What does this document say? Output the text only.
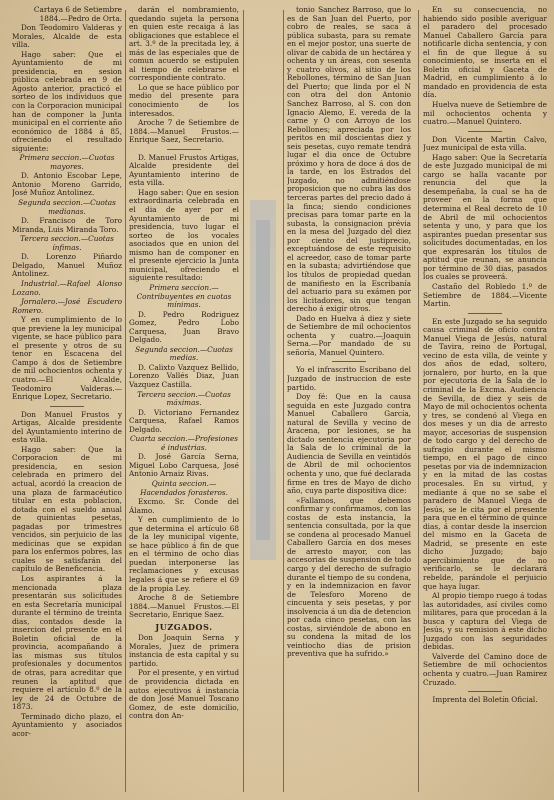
Cartaya 6 de Setiembre 1884.—Pedro de Orta.

Don Teodomiro Valderas y Morales, Alcalde de esta villa.

Hago saber: Que el Ayuntamiento de mi presidencia, en sesion pública celebrada en 9 de Agosto anterior, practicó el sorteo de los individuos que con la Corporacion municipal han de componer la Junta municipal en el corriente año económico de 1884 á 85, ofreciendo el resultado siguiente:

Primera seccion.—Cuotas mayores.

D. Antonio Escobar Lepe, Antonio Moreno Garrido, José Muñoz Antolinez.

Segunda seccion.—Cuotas medianas.

D. Francisco de Toro Miranda, Luis Miranda Toro.

Tercera seccion.—Cuotas ínfimas.

D. Lorenzo Piñardo Delgado, Manuel Muñoz Antolinez.

Industrial.—Rafael Alonso Lozano.

Jornalero.—José Escudero Romero.

Y en cumplimiento de lo que previene la ley municipal vigente, se hace público para el presente y otros de su tenor en Escacena del Campo á dos de Setiembre de mil ochocientos ochenta y cuatro.—El Alcalde, Teodomiro Valderas.—Enrique Lopez, Secretario.

Don Manuel Frustos y Artigas, Alcalde presidente del Ayuntamiento interino de esta villa.

Hago saber: Que la Corporacion de mi presidencia, en sesion celebrada en primero del actual, acordó la creacion de una plaza de farmacéutico titular en esta poblacion, dotada con el sueldo anual de quinientas pesetas, pagadas por trimestres vencidos, sin perjuicio de las medicinas que se expidan para los enfermos pobres, las cuales se satisfarán del capítulo de Beneficencia.

Los aspirantes á la mencionada plaza presentarán sus solicitudes en esta Secretaría municipal durante el término de treinta dias, contados desde la insercion del presente en el Boletin oficial de la provincia, acompañando á las mismas sus títulos profesionales y documentos de otras, para acreditar que reunen la aptitud que requiere el artículo 8.º de la ley de 24 de Octubre de 1873.

Terminado dicho plazo, el Ayuntamiento y asociados acor-

darán el nombramiento, quedando sujeta la persona en quien este recaiga á las obligaciones que establece el art. 3.º de la precitada ley, á más de las especiales que de comun acuerdo se estipulen al tiempo de celebrarse el correspondiente contrato.

Lo que se hace público por medio del presente para conocimiento de los interesados.

Aroche 7 de Setiembre de 1884.—Manuel Frustos.—Enrique Saez, Secretario.

D. Manuel Frustos Artigas, Alcalde presidente del Ayuntamiento interino de esta villa.

Hago saber: Que en sesion extraordinaria celebrada en el dia de ayer por el Ayuntamiento de mi presidencia, tuvo lugar el sorteo de los vocales asociados que en union del mismo han de componer en el presente ejercicio la Junta municipal, ofreciendo el siguiente resultado:

Primera seccion.—Contribuyentes en cuotas mínimas.

D. Pedro Rodriguez Gomez, Pedro Lobo Carquesa, Juan Bravo Delgado.

Segunda seccion.—Cuotas medias.

D. Calixto Vazquez Bellido, Lorenzo Vallés Diaz, Juan Vazquez Castilla.

Tercera seccion.—Cuotas máximas.

D. Victoriano Fernandez Carquesa, Rafael Ramos Delgado.

Cuarta seccion.—Profesiones é industrias.

D. José García Serna, Miguel Lobo Carquesa, José Antonio Arnaiz Rivas.

Quinta seccion.—Hacendados forasteros.

Excmo. Sr. Conde del Álamo.

Y en cumplimiento de lo que determina el artículo 68 de la ley municipal vigente, se hace público á fin de que en el término de ocho dias puedan interponerse las reclamaciones y excusas legales á que se refiere el 69 de la propia Ley.

Aroche 8 de Setiembre 1884.—Manuel Frustos.—El Secretario, Enrique Saez.

JUZGADOS.

Don Joaquin Serna y Morales, Juez de primera instancia de esta capital y su partido.

Por el presente, y en virtud de providencia dictada en autos ejecutivos á instancia de don José Manuel Toscano Gomez, de este domicilio, contra don An-

tonio Sanchez Barroso, que lo es de San Juan del Puerto, por cobro de reales, se saca á pública subasta, para su remate en el mejor postor, una suerte de olivar de cabida de un hectárea y ochenta y un áreas, con sesenta y cuatro olivos, al sitio de los Rebollones, término de San Juan del Puerto; que linda por el N con otra del don Antonio Sanchez Barroso, al S. con don Ignacio Alemo, E. vereda de la carne y O con Arroyo de los Rebollones; apreciada por los peritos en mil doscientas diez y seis pesetas, cuyo remate tendrá lugar el dia once de Octubre próximo y hora de doce á dos de la tarde, en los Estrados del Juzgado, no admitiéndose proposicion que no cubra las dos terceras partes del precio dado á la finca; siendo condiciones precisas para tomar parte en la subasta, la consignacion prévia en la mesa del Juzgado del diez por ciento del justiprecio, exceptuándose de este requisito el acreedor, caso de tomar parte en la subasta; advirtiéndose que los títulos de propiedad quedan de manifiesto en la Escribanía del actuario para su exámen por los licitadores, sin que tengan derecho á exigir otros.

Dado en Huelva á diez y siete de Setiembre de mil ochocientos ochenta y cuatro.—Joaquin Serna.—Por mandado de su señoría, Manuel Quintero.

Yo el infrascrito Escribano del Juzgado de instruccion de este partido.

Doy fé: Que en la causa seguida en este Juzgado contra Manuel Caballero García, natural de Sevilla y vecino de Aracena, por lesiones, se ha dictado sentencia ejecutoria por la Sala de lo criminal de la Audiencia de Sevilla en veintidós de Abril de mil ochocientos ochenta y uno, que fué declarada firme en tres de Mayo de dicho año, cuya parte dispositiva dice:

«Fallamos, que debemos confirmar y confirmamos, con las costas de esta instancia, la sentencia consultada, por la que se condena al procesado Manuel Caballero García en dos meses de arresto mayor, con las accesorias de suspension de todo cargo y del derecho de sufragio durante el tiempo de su condena, y en la indemnizacion en favor de Telesforo Moreno de cincuenta y seis pesetas, y por insolvencia á un dia de detencion por cada cinco pesetas, con las costas, sirviéndole de abono en su condena la mitad de los veintiocho dias de prision preventiva que ha sufrido.»

En su consecuencia, no habiendo sido posible averiguar el paradero del procesado Manuel Caballero García para notificarle dicha sentencia, y con el fin de que llegue á su conocimiento, se inserta en el Boletin oficial y Gaceta de Madrid, en cumplimiento á lo mandado en providencia de esta día.

Huelva nueve de Setiembre de mil ochocientos ochenta y cuatro.—Manuel Quintero.

Don Vicente Martin Calvo, Juez municipal de esta villa.

Hago saber: Que la Secretaría de este Juzgado municipal de mi cargo se halla vacante por renuncia del que la desempeñaba, la cual se ha de proveer en la forma que determina el Real decreto de 10 de Abril de mil ochocientos setenta y uno, y para que los aspirantes puedan presentar sus solicitudes documentadas, en los que expresarán los títulos de aptitud que reunan, se anuncia por término de 30 dias, pasados los cuales se proveerá.

Castaño del Robledo 1.º de Setiembre de 1884.—Vicente Martin.

En este Juzgado se ha seguido causa criminal de oficio contra Manuel Viega de Jesús, natural de Tavira, reino de Portugal, vecino de esta villa, de veinte y dos años de edad, soltero, jornalero, por hurto, en la que por ejecutoria de la Sala de lo criminal de la Excma. Audiencia de Sevilla, de diez y seis de Mayo de mil ochocientos ochenta y tres, se condenó al Viega en dos meses y un dia de arresto mayor, accesorias de suspension de todo cargo y del derecho de sufragio durante el mismo tiempo, en el pago de cinco pesetas por via de indemnizacion y en la mitad de las costas procesales. En su virtud, y mediante á que no se sabe el paradero de Manuel Viega de Jesús, se le cita por el presente para que en el término de quince dias, á contar desde la insercion del mismo en la Gaceta de Madrid, se presente en este dicho Juzgado; bajo apercibimiento que de no verificarlo, se le declarará rebelde, parándole el perjuicio que haya lugar.

Al propio tiempo ruego á todas las autoridades, así civiles como militares, para que procedan á la busca y captura del Viega de Jesús, y su remision á este dicho Juzgado con las seguridades debidas.

Valverde del Camino doce de Setiembre de mil ochocientos ochenta y cuatro.—Juan Ramirez Cruzado.

Imprenta del Boletín Oficial.
